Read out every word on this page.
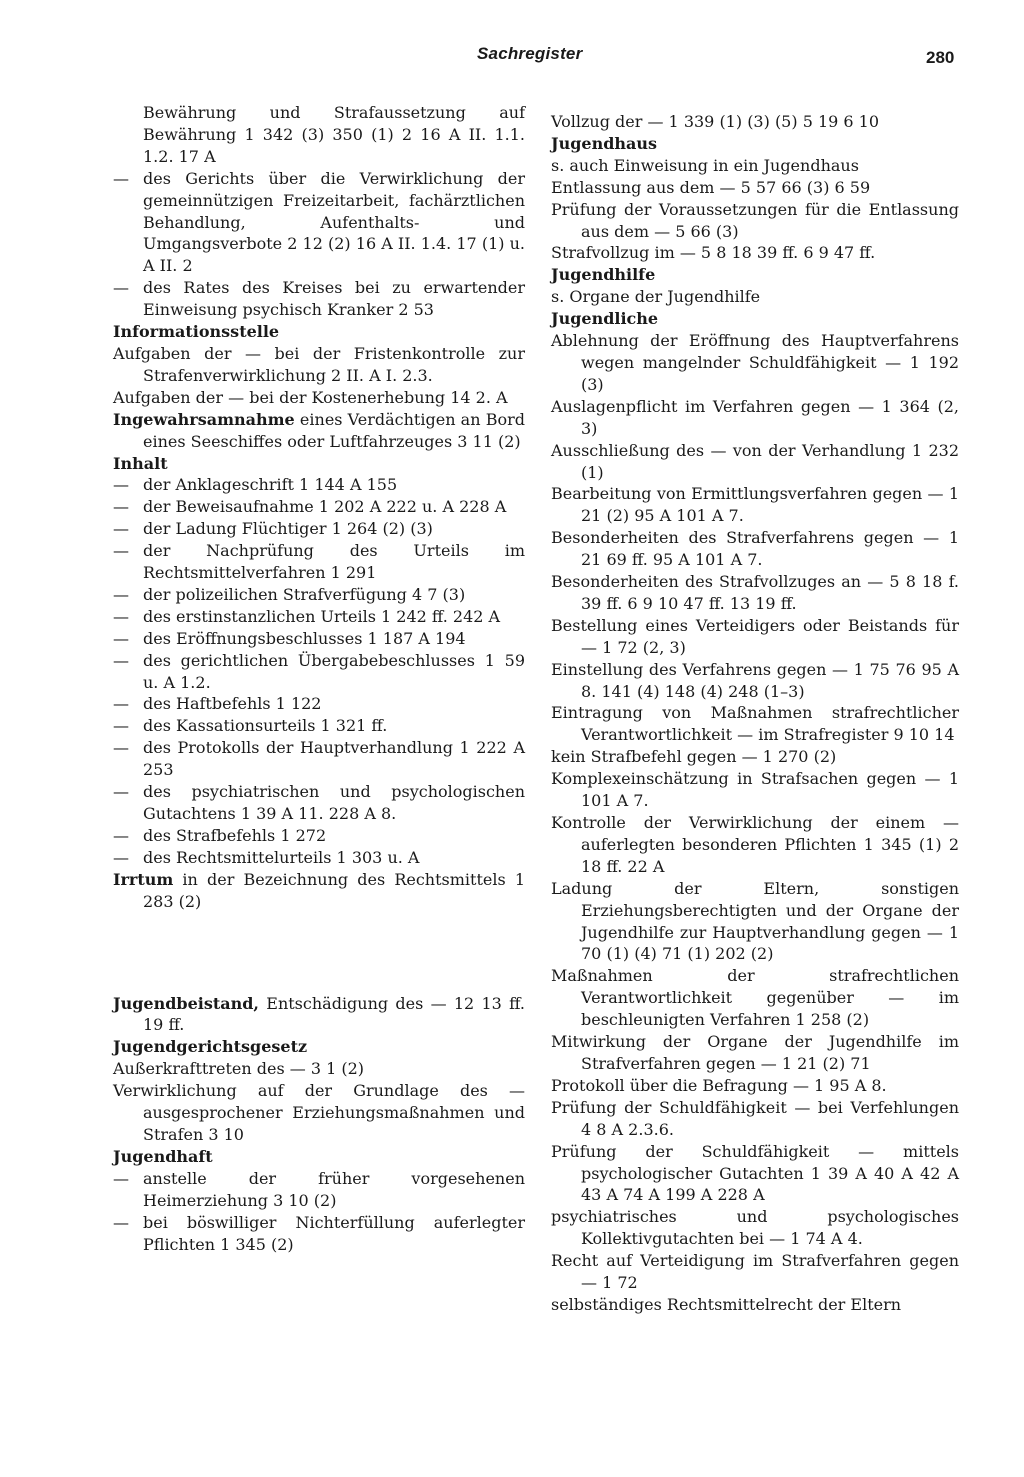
Sachregister	280
Bewährung und Strafaussetzung auf Bewährung 1 342 (3) 350 (1) 2 16 A II. 1.1. 1.2. 17 A
— des Gerichts über die Verwirklichung der gemeinnützigen Freizeitarbeit, fachärztlichen Behandlung, Aufenthalts- und Umgangsverbote 2 12 (2) 16 A II. 1.4. 17 (1) u. A II. 2
— des Rates des Kreises bei zu erwartender Einweisung psychisch Kranker 2 53
Informationsstelle
Aufgaben der — bei der Fristenkontrolle zur Strafenverwirklichung 2 II. A I. 2.3.
Aufgaben der — bei der Kostenerhebung 14 2. A
Ingewahrsamnahme eines Verdächtigen an Bord eines Seeschiffes oder Luftfahrzeuges 3 11 (2)
Inhalt
— der Anklageschrift 1 144 A 155
— der Beweisaufnahme 1 202 A 222 u. A 228 A
— der Ladung Flüchtiger 1 264 (2) (3)
— der Nachprüfung des Urteils im Rechtsmittelverfahren 1 291
— der polizeilichen Strafverfügung 4 7 (3)
— des erstinstanzlichen Urteils 1 242 ff. 242 A
— des Eröffnungsbeschlusses 1 187 A 194
— des gerichtlichen Übergabebeschlusses 1 59 u. A 1.2.
— des Haftbefehls 1 122
— des Kassationsurteils 1 321 ff.
— des Protokolls der Hauptverhandlung 1 222 A 253
— des psychiatrischen und psychologischen Gutachtens 1 39 A 11. 228 A 8.
— des Strafbefehls 1 272
— des Rechtsmittelurteils 1 303 u. A
Irrtum in der Bezeichnung des Rechtsmittels 1 283 (2)
Jugendbeistand, Entschädigung des — 12 13 ff. 19 ff.
Jugendgerichtsgesetz
Außerkrafttreten des — 3 1 (2)
Verwirklichung auf der Grundlage des — ausgesprochener Erziehungsmaßnahmen und Strafen 3 10
Jugendhaft
— anstelle der früher vorgesehenen Heimerziehung 3 10 (2)
— bei böswilliger Nichterfüllung auferlegter Pflichten 1 345 (2)
Vollzug der — 1 339 (1) (3) (5) 5 19 6 10
Jugendhaus
s. auch Einweisung in ein Jugendhaus
Entlassung aus dem — 5 57 66 (3) 6 59
Prüfung der Voraussetzungen für die Entlassung aus dem — 5 66 (3)
Strafvollzug im — 5 8 18 39 ff. 6 9 47 ff.
Jugendhilfe
s. Organe der Jugendhilfe
Jugendliche
Ablehnung der Eröffnung des Hauptverfahrens wegen mangelnder Schuldfähigkeit — 1 192 (3)
Auslagenpflicht im Verfahren gegen — 1 364 (2, 3)
Ausschließung des — von der Verhandlung 1 232 (1)
Bearbeitung von Ermittlungsverfahren gegen — 1 21 (2) 95 A 101 A 7.
Besonderheiten des Strafverfahrens gegen — 1 21 69 ff. 95 A 101 A 7.
Besonderheiten des Strafvollzuges an — 5 8 18 f. 39 ff. 6 9 10 47 ff. 13 19 ff.
Bestellung eines Verteidigers oder Beistands für — 1 72 (2, 3)
Einstellung des Verfahrens gegen — 1 75 76 95 A 8. 141 (4) 148 (4) 248 (1–3)
Eintragung von Maßnahmen strafrechtlicher Verantwortlichkeit — im Strafregister 9 10 14
kein Strafbefehl gegen — 1 270 (2)
Komplexeinschätzung in Strafsachen gegen — 1 101 A 7.
Kontrolle der Verwirklichung der einem — auferlegten besonderen Pflichten 1 345 (1) 2 18 ff. 22 A
Ladung der Eltern, sonstigen Erziehungsberechtigten und der Organe der Jugendhilfe zur Hauptverhandlung gegen — 1 70 (1) (4) 71 (1) 202 (2)
Maßnahmen der strafrechtlichen Verantwortlichkeit gegenüber — im beschleunigten Verfahren 1 258 (2)
Mitwirkung der Organe der Jugendhilfe im Strafverfahren gegen — 1 21 (2) 71
Protokoll über die Befragung — 1 95 A 8.
Prüfung der Schuldfähigkeit — bei Verfehlungen 4 8 A 2.3.6.
Prüfung der Schuldfähigkeit — mittels psychologischer Gutachten 1 39 A 40 A 42 A 43 A 74 A 199 A 228 A
psychiatrisches und psychologisches Kollektivgutachten bei — 1 74 A 4.
Recht auf Verteidigung im Strafverfahren gegen — 1 72
selbständiges Rechtsmittelrecht der Eltern
